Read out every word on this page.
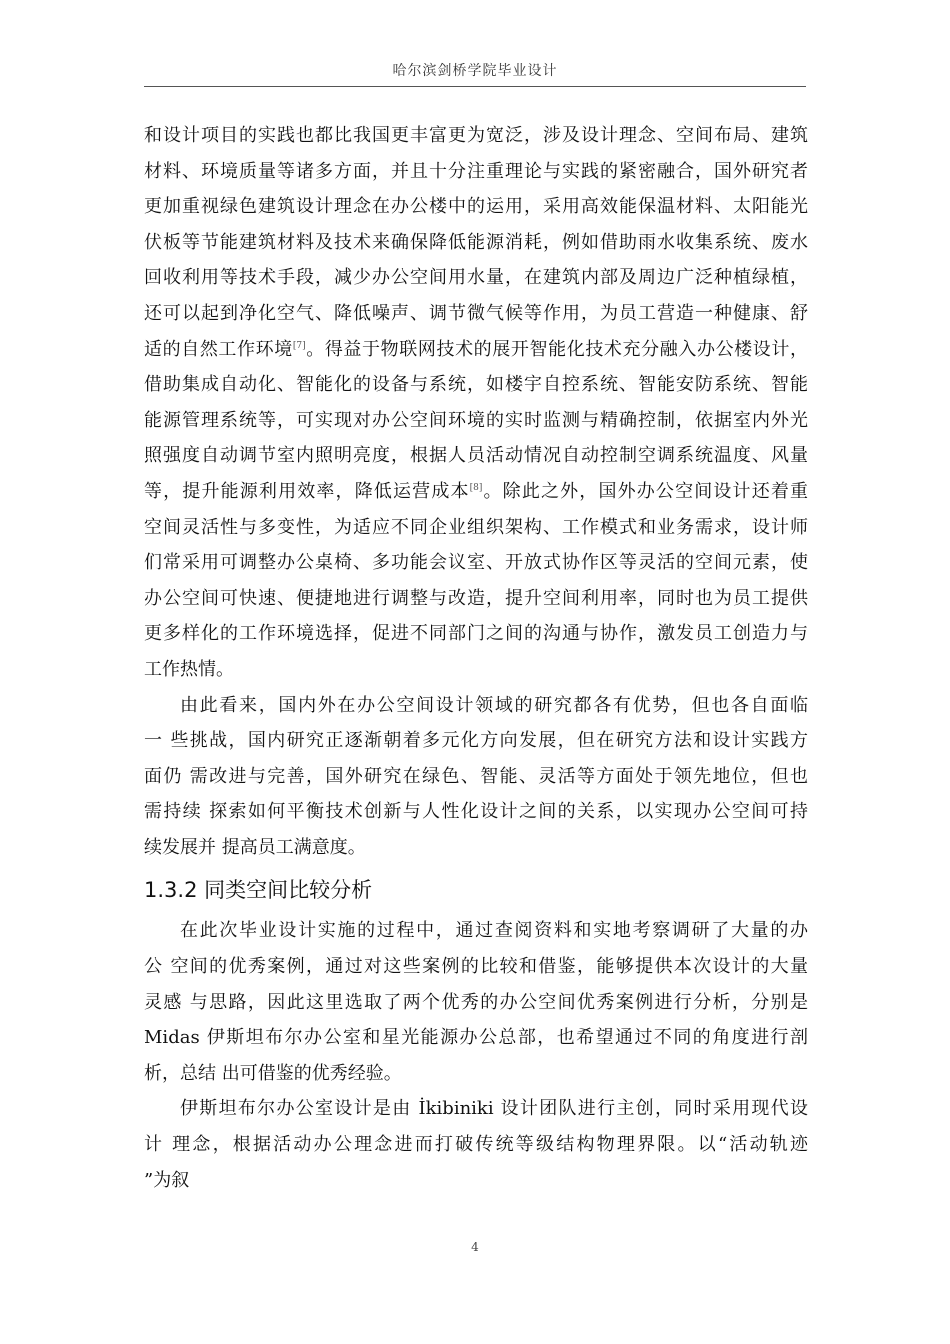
哈尔滨剑桥学院毕业设计

和设计项目的实践也都比我国更丰富更为宽泛，涉及设计理念、空间布局、建筑

材料、环境质量等诸多方面，并且十分注重理论与实践的紧密融合，国外研究者

更加重视绿色建筑设计理念在办公楼中的运用，采用高效能保温材料、太阳能光

伏板等节能建筑材料及技术来确保降低能源消耗，例如借助雨水收集系统、废水

回收利用等技术手段，减少办公空间用水量，在建筑内部及周边广泛种植绿植，

还可以起到净化空气、降低噪声、调节微气候等作用，为员工营造一种健康、舒

适的自然工作环境[7]。得益于物联网技术的展开智能化技术充分融入办公楼设计，

借助集成自动化、智能化的设备与系统，如楼宇自控系统、智能安防系统、智能

能源管理系统等，可实现对办公空间环境的实时监测与精确控制，依据室内外光

照强度自动调节室内照明亮度，根据人员活动情况自动控制空调系统温度、风量

等，提升能源利用效率，降低运营成本[8]。除此之外，国外办公空间设计还着重

空间灵活性与多变性，为适应不同企业组织架构、工作模式和业务需求，设计师

们常采用可调整办公桌椅、多功能会议室、开放式协作区等灵活的空间元素，使

办公空间可快速、便捷地进行调整与改造，提升空间利用率，同时也为员工提供

更多样化的工作环境选择，促进不同部门之间的沟通与协作，激发员工创造力与

工作热情。

由此看来，国内外在办公空间设计领域的研究都各有优势，但也各自面临

一 些挑战，国内研究正逐渐朝着多元化方向发展，但在研究方法和设计实践方

面仍 需改进与完善，国外研究在绿色、智能、灵活等方面处于领先地位，但也

需持续 探索如何平衡技术创新与人性化设计之间的关系，以实现办公空间可持

续发展并 提高员工满意度。

1.3.2 同类空间比较分析

在此次毕业设计实施的过程中，通过查阅资料和实地考察调研了大量的办

公 空间的优秀案例，通过对这些案例的比较和借鉴，能够提供本次设计的大量

灵感 与思路，因此这里选取了两个优秀的办公空间优秀案例进行分析，分别是

Midas 伊斯坦布尔办公室和星光能源办公总部，也希望通过不同的角度进行剖

析，总结 出可借鉴的优秀经验。

伊斯坦布尔办公室设计是由 İkibiniki 设计团队进行主创，同时采用现代设

计 理念，根据活动办公理念进而打破传统等级结构物理界限。以“活动轨迹

”为叙

4
